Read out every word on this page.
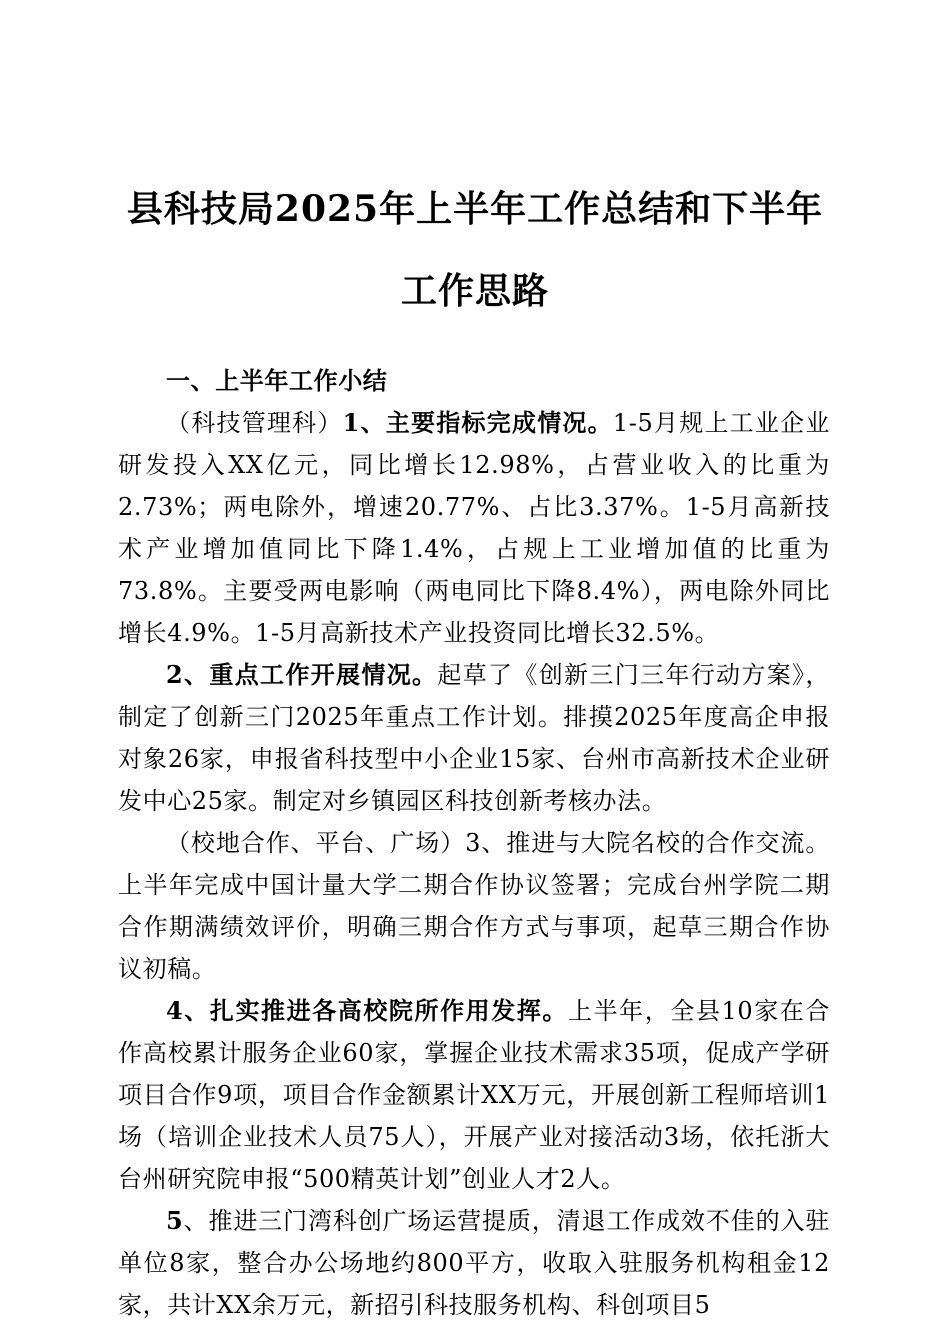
县科技局2025年上半年工作总结和下半年工作思路

一、上半年工作小结

（科技管理科）1、主要指标完成情况。1-5月规上工业企业研发投入XX亿元，同比增长12.98%，占营业收入的比重为2.73%；两电除外，增速20.77%、占比3.37%。1-5月高新技术产业增加值同比下降1.4%，占规上工业增加值的比重为73.8%。主要受两电影响（两电同比下降8.4%），两电除外同比增长4.9%。1-5月高新技术产业投资同比增长32.5%。

2、重点工作开展情况。起草了《创新三门三年行动方案》，制定了创新三门2025年重点工作计划。排摸2025年度高企申报对象26家，申报省科技型中小企业15家、台州市高新技术企业研发中心25家。制定对乡镇园区科技创新考核办法。

（校地合作、平台、广场）3、推进与大院名校的合作交流。上半年完成中国计量大学二期合作协议签署；完成台州学院二期合作期满绩效评价，明确三期合作方式与事项，起草三期合作协议初稿。

4、扎实推进各高校院所作用发挥。上半年，全县10家在合作高校累计服务企业60家，掌握企业技术需求35项，促成产学研项目合作9项，项目合作金额累计XX万元，开展创新工程师培训1场（培训企业技术人员75人），开展产业对接活动3场，依托浙大台州研究院申报“500精英计划”创业人才2人。

5、推进三门湾科创广场运营提质，清退工作成效不佳的入驻单位8家，整合办公场地约800平方，收取入驻服务机构租金12家，共计XX余万元，新招引科技服务机构、科创项目5
